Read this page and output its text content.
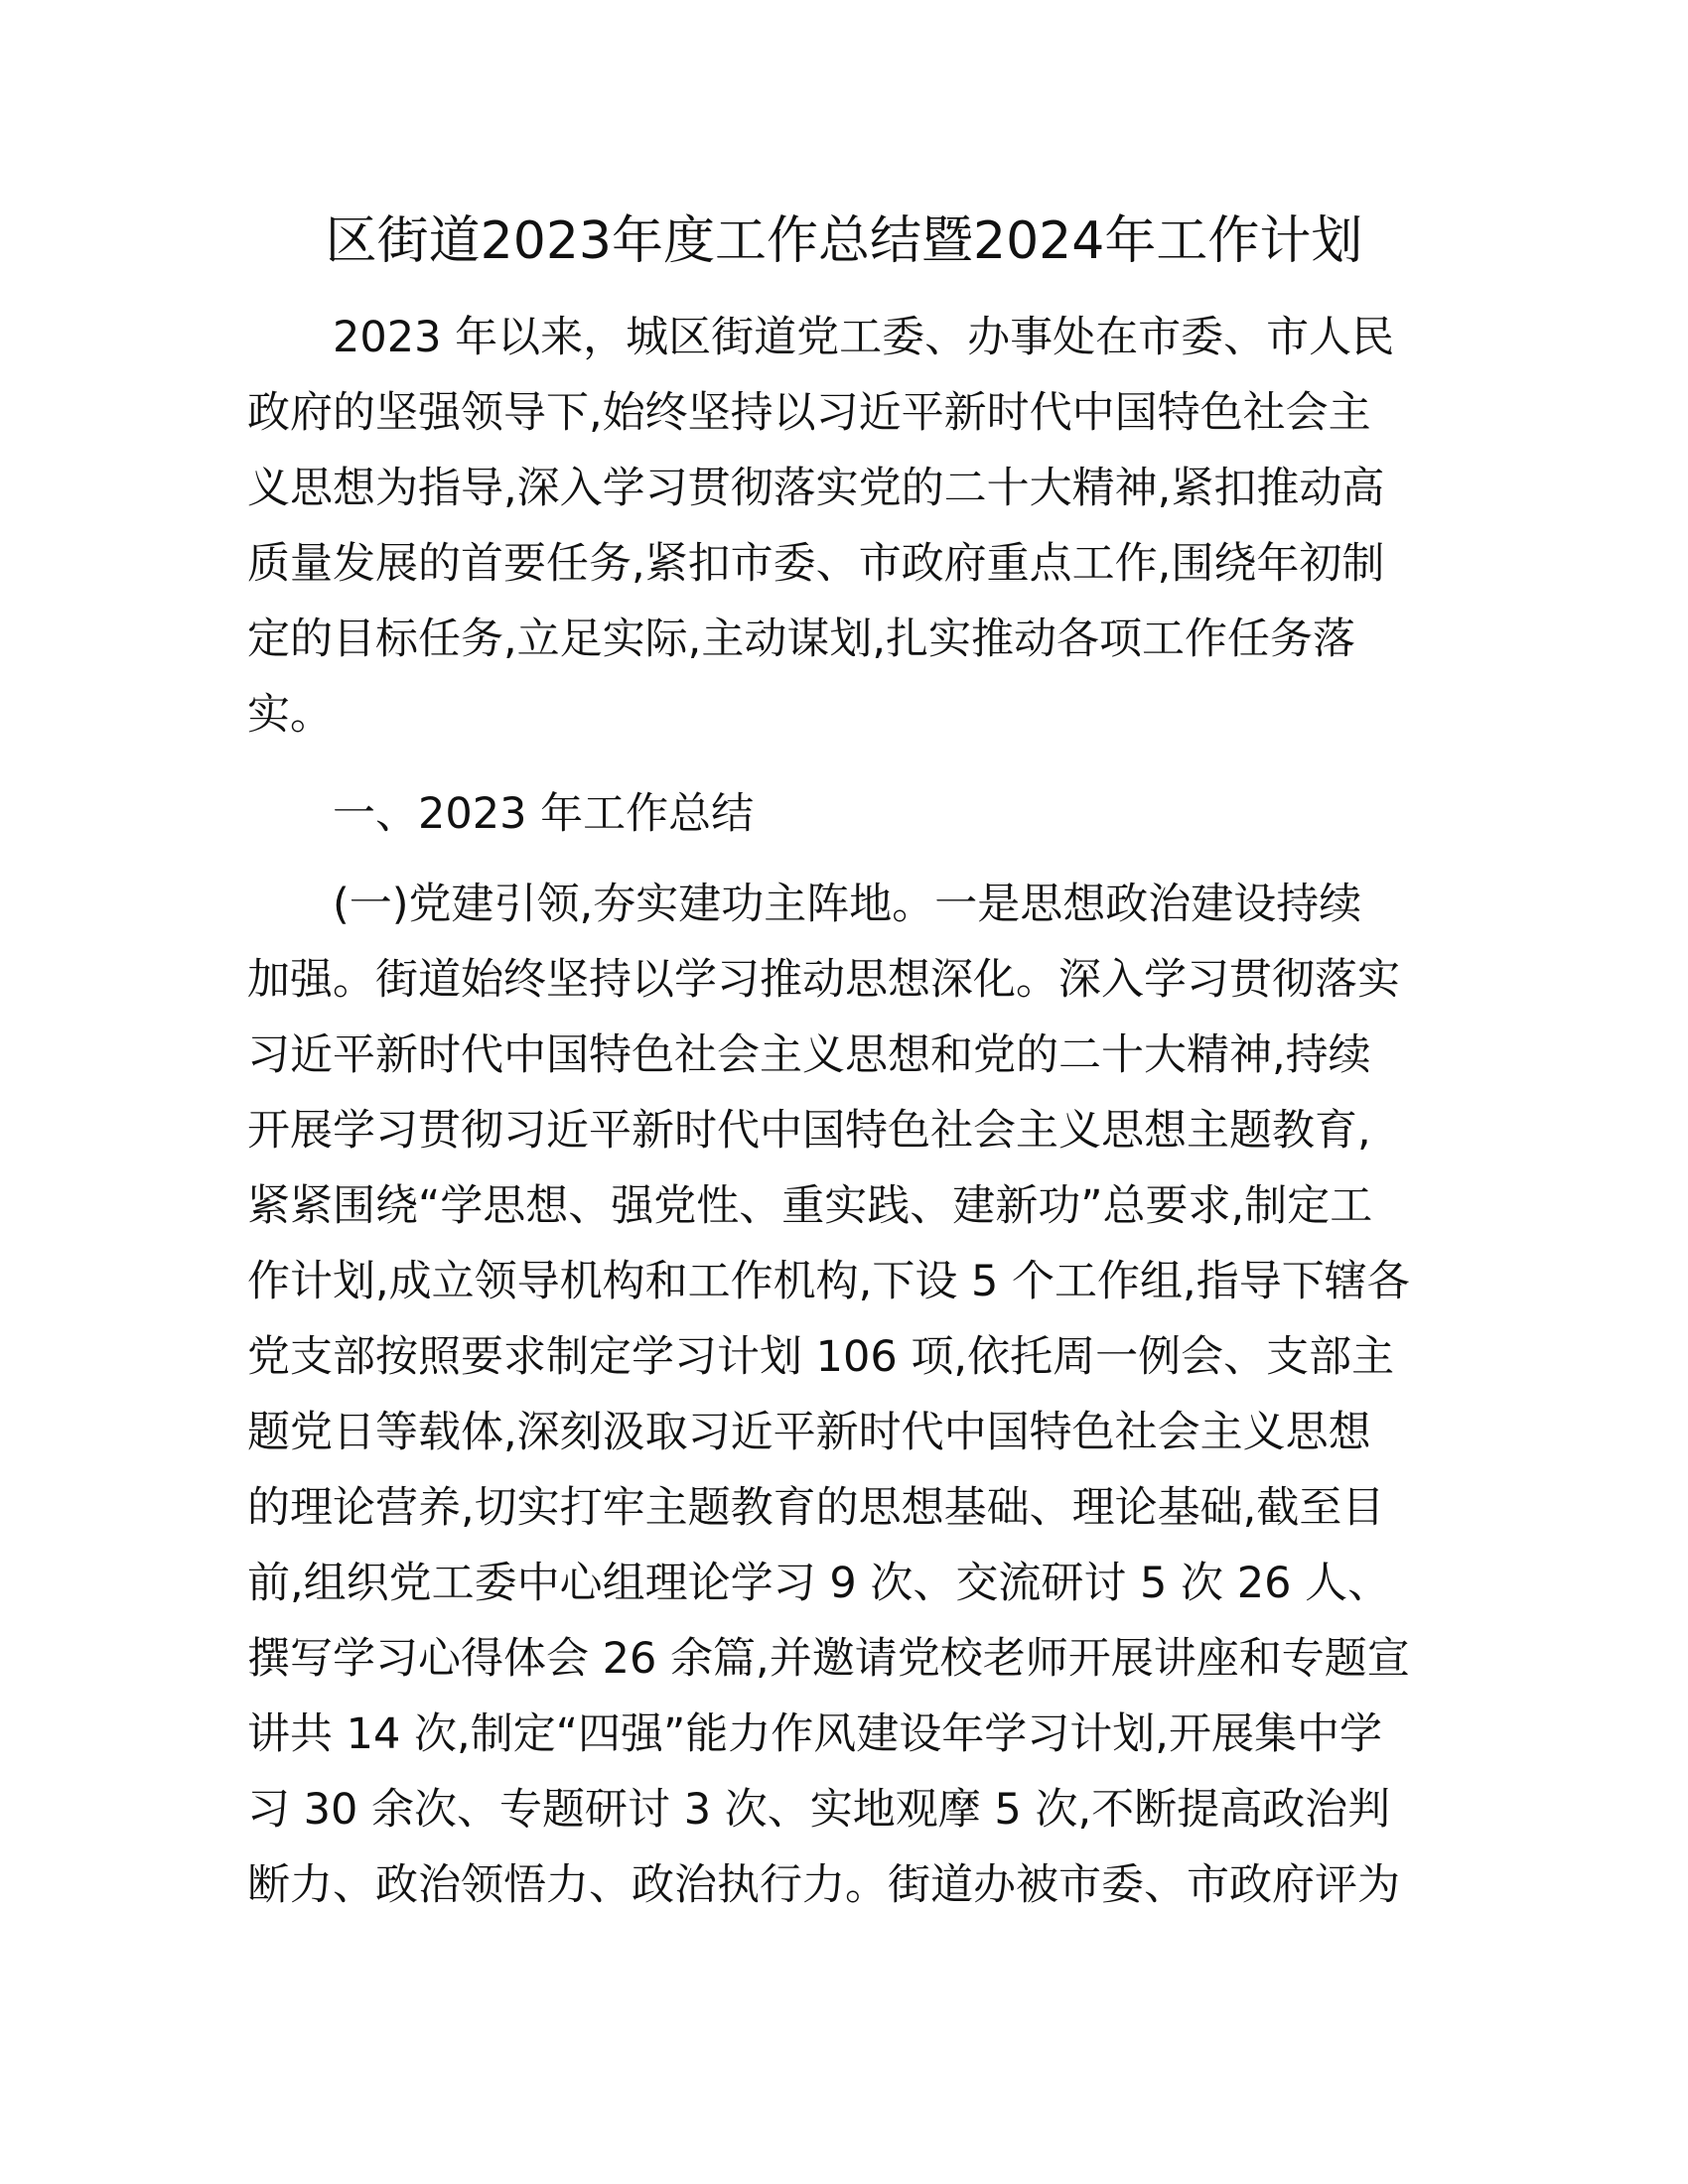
区街道2023年度工作总结暨2024年工作计划
2023 年以来，城区街道党工委、办事处在市委、市人民
政府的坚强领导下,始终坚持以习近平新时代中国特色社会主
义思想为指导,深入学习贯彻落实党的二十大精神,紧扣推动高
质量发展的首要任务,紧扣市委、市政府重点工作,围绕年初制
定的目标任务,立足实际,主动谋划,扎实推动各项工作任务落
实。
一、2023 年工作总结
(一)党建引领,夯实建功主阵地。一是思想政治建设持续
加强。街道始终坚持以学习推动思想深化。深入学习贯彻落实
习近平新时代中国特色社会主义思想和党的二十大精神,持续
开展学习贯彻习近平新时代中国特色社会主义思想主题教育,
紧紧围绕“学思想、强党性、重实践、建新功”总要求,制定工
作计划,成立领导机构和工作机构,下设 5 个工作组,指导下辖各
党支部按照要求制定学习计划 106 项,依托周一例会、支部主
题党日等载体,深刻汲取习近平新时代中国特色社会主义思想
的理论营养,切实打牢主题教育的思想基础、理论基础,截至目
前,组织党工委中心组理论学习 9 次、交流研讨 5 次 26 人、
撰写学习心得体会 26 余篇,并邀请党校老师开展讲座和专题宣
讲共 14 次,制定“四强”能力作风建设年学习计划,开展集中学
习 30 余次、专题研讨 3 次、实地观摩 5 次,不断提高政治判
断力、政治领悟力、政治执行力。街道办被市委、市政府评为
